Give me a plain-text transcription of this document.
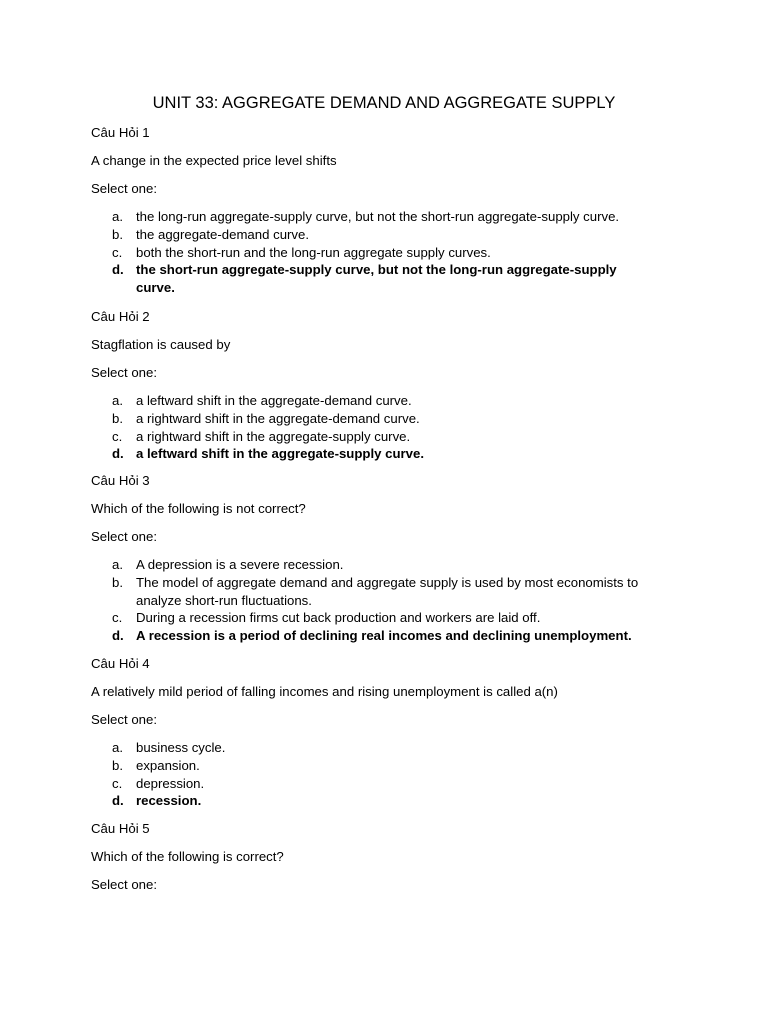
UNIT 33: AGGREGATE DEMAND AND AGGREGATE SUPPLY
Câu Hỏi 1
A change in the expected price level shifts
Select one:
a. the long-run aggregate-supply curve, but not the short-run aggregate-supply curve.
b. the aggregate-demand curve.
c. both the short-run and the long-run aggregate supply curves.
d. the short-run aggregate-supply curve, but not the long-run aggregate-supply curve.
Câu Hỏi 2
Stagflation is caused by
Select one:
a. a leftward shift in the aggregate-demand curve.
b. a rightward shift in the aggregate-demand curve.
c. a rightward shift in the aggregate-supply curve.
d. a leftward shift in the aggregate-supply curve.
Câu Hỏi 3
Which of the following is not correct?
Select one:
a. A depression is a severe recession.
b. The model of aggregate demand and aggregate supply is used by most economists to analyze short-run fluctuations.
c. During a recession firms cut back production and workers are laid off.
d. A recession is a period of declining real incomes and declining unemployment.
Câu Hỏi 4
A relatively mild period of falling incomes and rising unemployment is called a(n)
Select one:
a. business cycle.
b. expansion.
c. depression.
d. recession.
Câu Hỏi 5
Which of the following is correct?
Select one:
